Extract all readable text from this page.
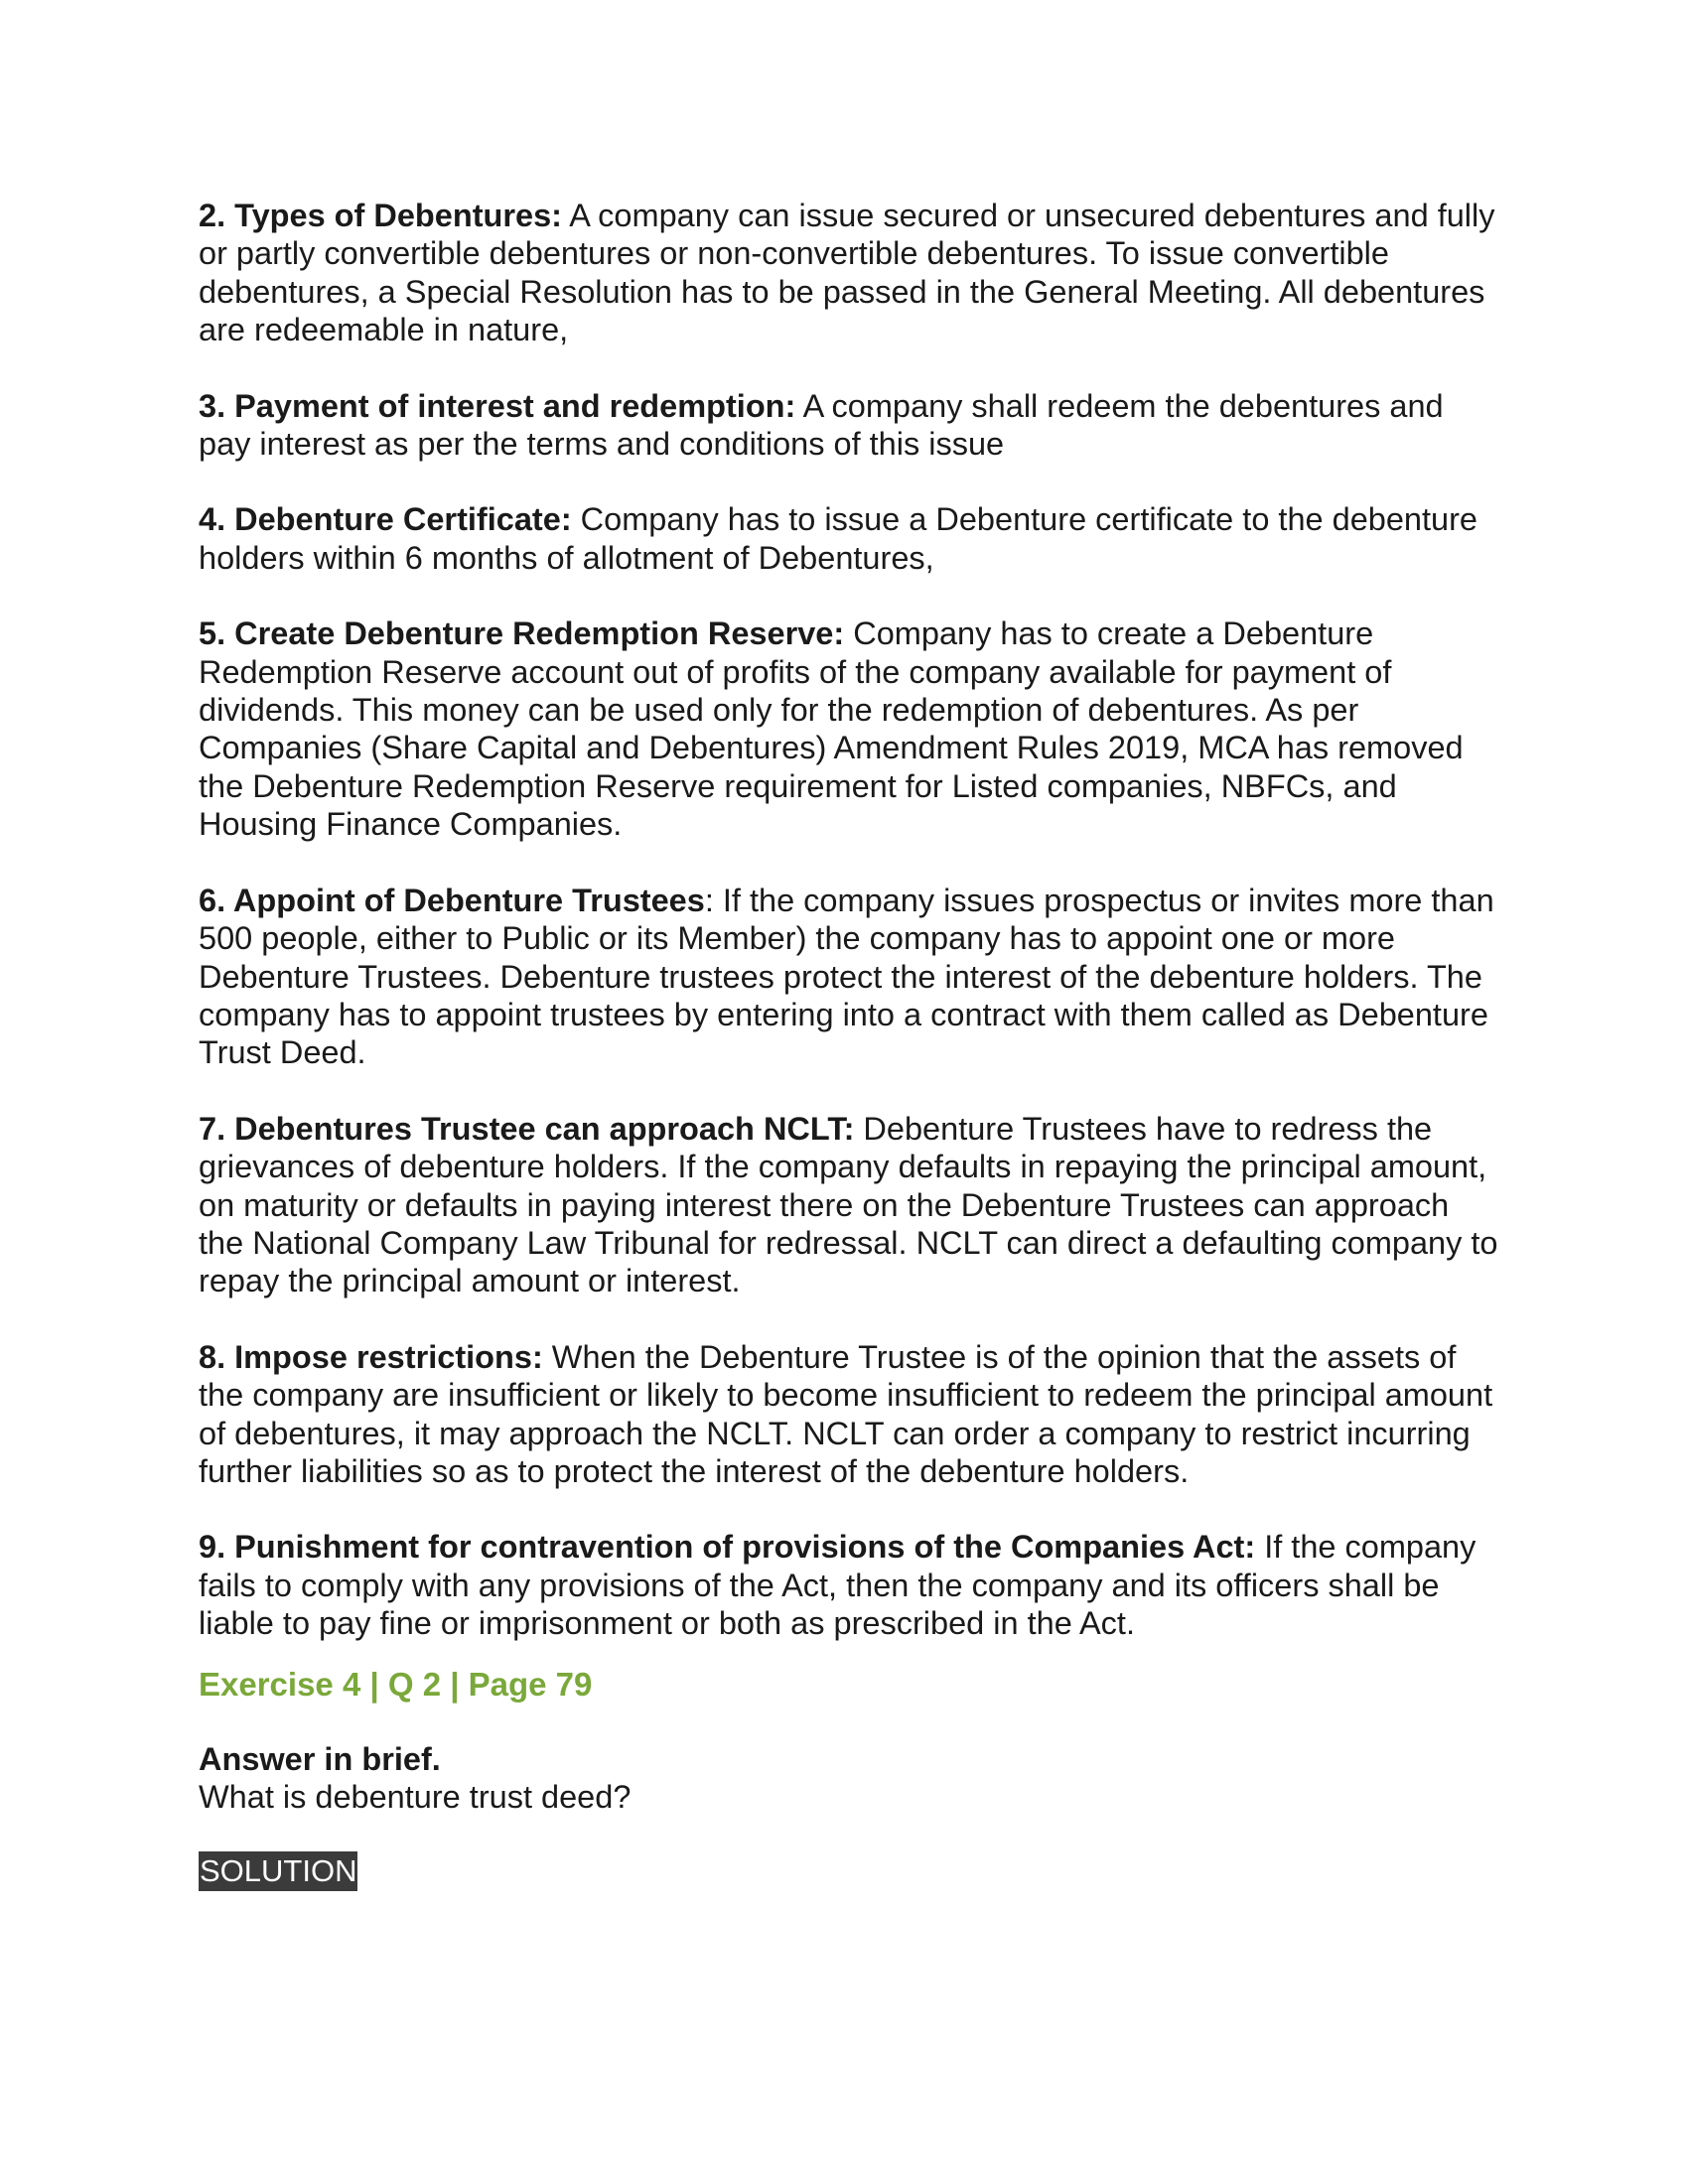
2. Types of Debentures: A company can issue secured or unsecured debentures and fully or partly convertible debentures or non-convertible debentures. To issue convertible debentures, a Special Resolution has to be passed in the General Meeting. All debentures are redeemable in nature,

3. Payment of interest and redemption: A company shall redeem the debentures and pay interest as per the terms and conditions of this issue

4. Debenture Certificate: Company has to issue a Debenture certificate to the debenture holders within 6 months of allotment of Debentures,

5. Create Debenture Redemption Reserve: Company has to create a Debenture Redemption Reserve account out of profits of the company available for payment of dividends. This money can be used only for the redemption of debentures. As per Companies (Share Capital and Debentures) Amendment Rules 2019, MCA has removed the Debenture Redemption Reserve requirement for Listed companies, NBFCs, and Housing Finance Companies.

6. Appoint of Debenture Trustees: If the company issues prospectus or invites more than 500 people, either to Public or its Member) the company has to appoint one or more Debenture Trustees. Debenture trustees protect the interest of the debenture holders. The company has to appoint trustees by entering into a contract with them called as Debenture Trust Deed.

7. Debentures Trustee can approach NCLT: Debenture Trustees have to redress the grievances of debenture holders. If the company defaults in repaying the principal amount, on maturity or defaults in paying interest there on the Debenture Trustees can approach the National Company Law Tribunal for redressal. NCLT can direct a defaulting company to repay the principal amount or interest.

8. Impose restrictions: When the Debenture Trustee is of the opinion that the assets of the company are insufficient or likely to become insufficient to redeem the principal amount of debentures, it may approach the NCLT. NCLT can order a company to restrict incurring further liabilities so as to protect the interest of the debenture holders.

9. Punishment for contravention of provisions of the Companies Act: If the company fails to comply with any provisions of the Act, then the company and its officers shall be liable to pay fine or imprisonment or both as prescribed in the Act.

Exercise 4 | Q 2 | Page 79
Answer in brief.
What is debenture trust deed?
SOLUTION
